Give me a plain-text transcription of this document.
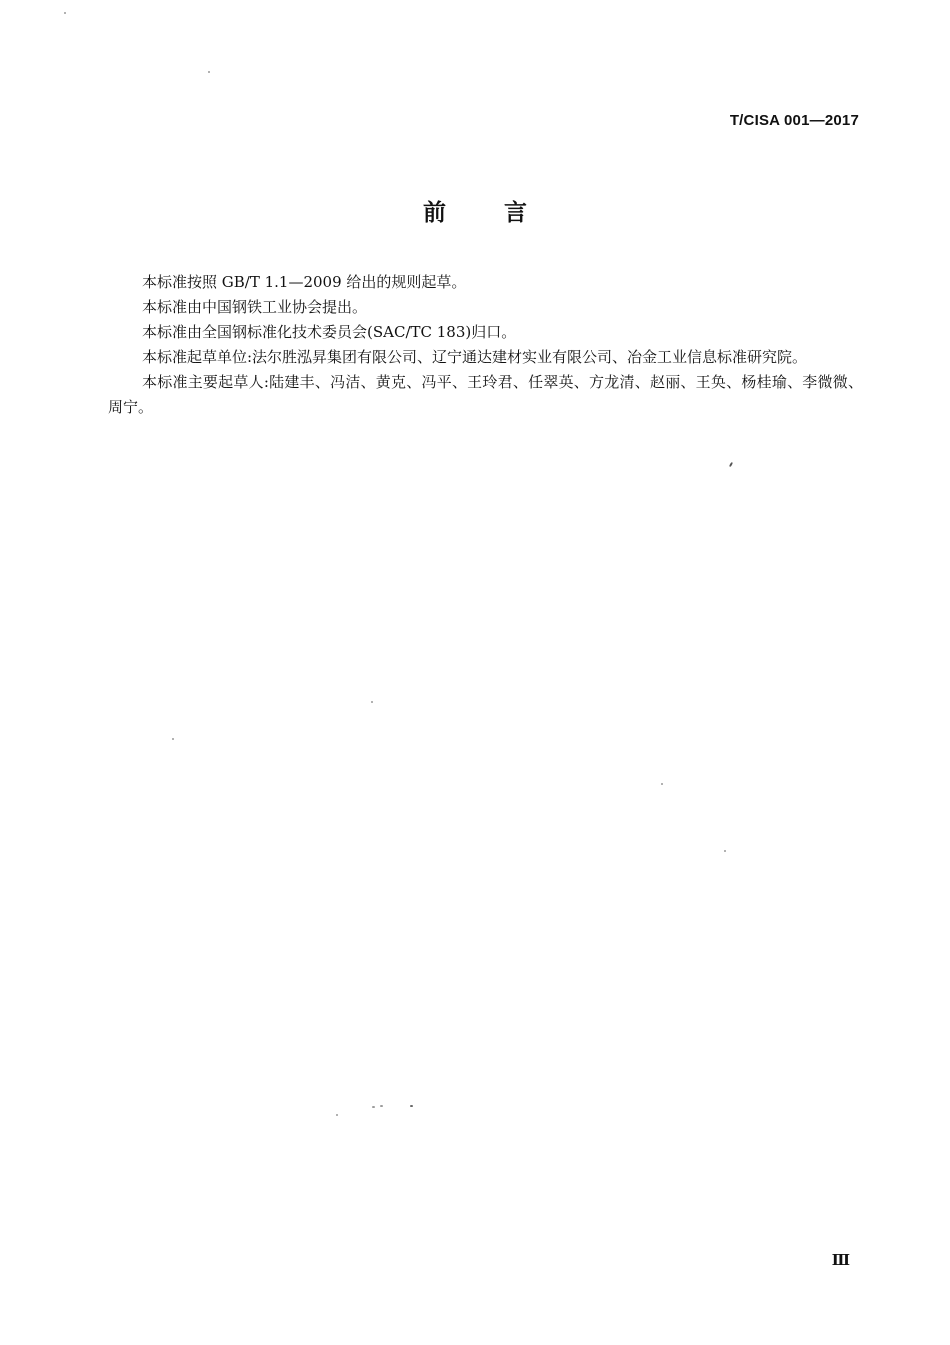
T/CISA 001—2017
前言

本标准按照 GB/T 1.1—2009 给出的规则起草。

本标准由中国钢铁工业协会提出。

本标准由全国钢标准化技术委员会(SAC/TC 183)归口。

本标准起草单位:法尔胜泓昇集团有限公司、辽宁通达建材实业有限公司、冶金工业信息标准研究院。

本标准主要起草人:陆建丰、冯洁、黄克、冯平、王玲君、任翠英、方龙清、赵丽、王奂、杨桂瑜、李微微、周宁。

Ⅲ
